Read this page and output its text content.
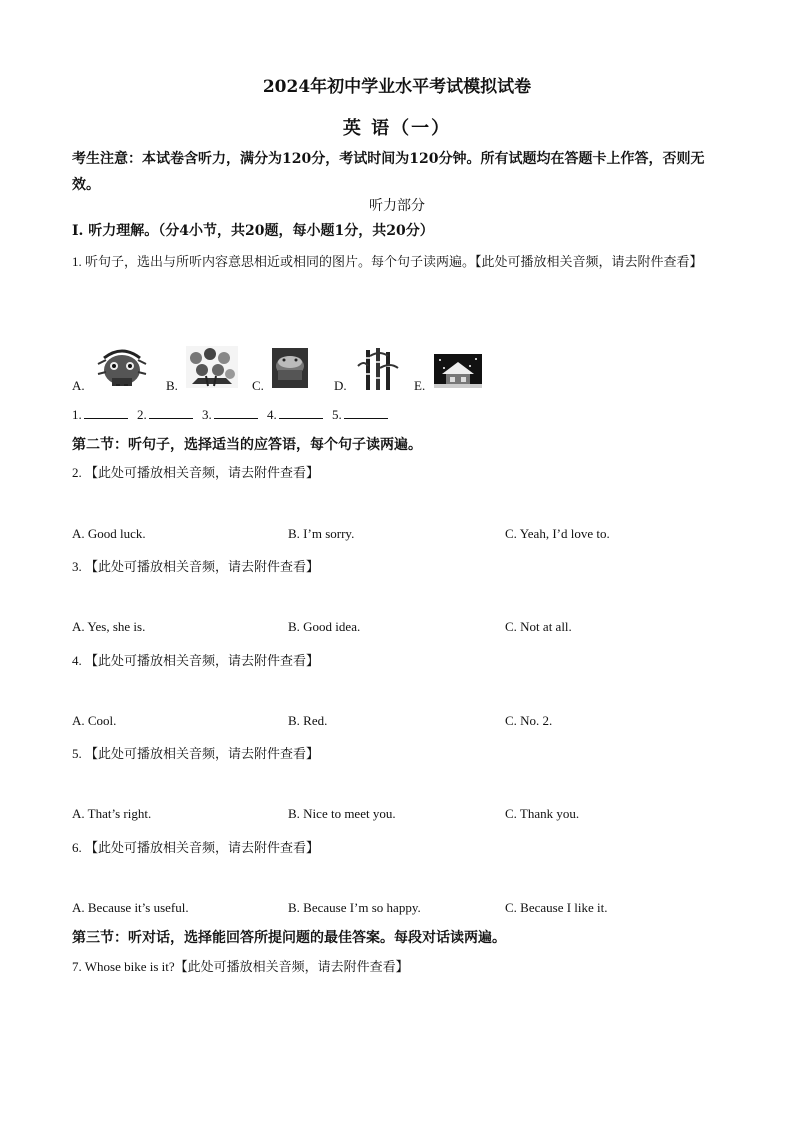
2024年初中学业水平考试模拟试卷
英 语（一）
考生注意：本试卷含听力，满分为120分，考试时间为120分钟。所有试题均在答题卡上作答，否则无效。
听力部分
I. 听力理解。（分4小节，共20题，每小题1分，共20分）
1. 听句子，选出与所听内容意思相近或相同的图片。每个句子读两遍。【此处可播放相关音频，请去附件查看】
A.	B.	C.	D.	E.
1.	2.	3.	4.	5.
第二节：听句子，选择适当的应答语，每个句子读两遍。
2. 【此处可播放相关音频，请去附件查看】
A. Good luck.	B. I’m sorry.	C. Yeah, I’d love to.
3. 【此处可播放相关音频，请去附件查看】
A. Yes, she is.	B. Good idea.	C. Not at all.
4. 【此处可播放相关音频，请去附件查看】
A. Cool.	B. Red.	C. No. 2.
5. 【此处可播放相关音频，请去附件查看】
A. That’s right.	B. Nice to meet you.	C. Thank you.
6. 【此处可播放相关音频，请去附件查看】
A. Because it’s useful.	B. Because I’m so happy.	C. Because I like it.
第三节：听对话，选择能回答所提问题的最佳答案。每段对话读两遍。
7. Whose bike is it?【此处可播放相关音频，请去附件查看】
